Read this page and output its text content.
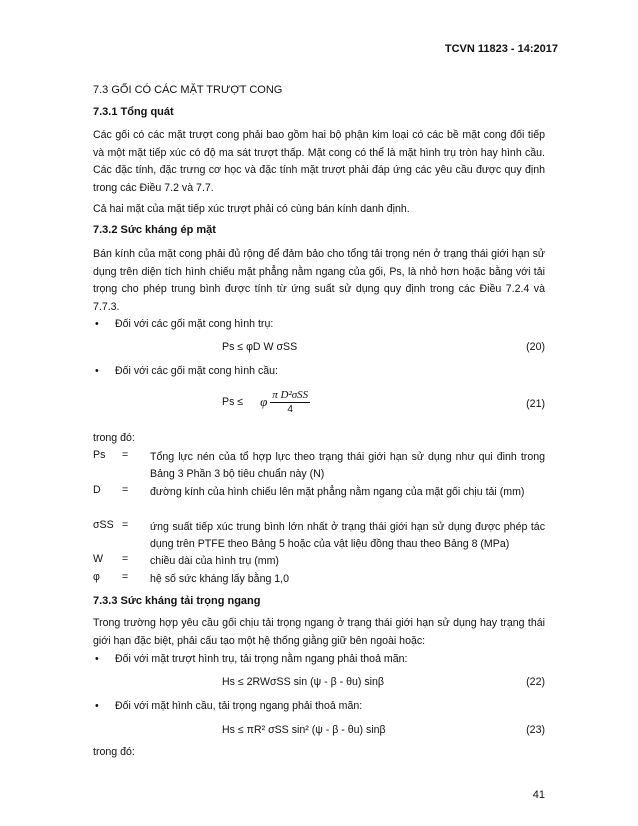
TCVN 11823 - 14:2017
7.3 GỐI CÓ CÁC MẶT TRƯỢT CONG
7.3.1 Tổng quát
Các gối có các mặt trượt cong phải bao gồm hai bộ phận kim loại có các bề mặt cong đối tiếp và một mặt tiếp xúc có độ ma sát trượt thấp. Mặt cong có thể là mặt hình trụ tròn hay hình cầu. Các đặc tính, đặc trưng cơ học và đặc tính mặt trượt phải đáp ứng các yêu cầu được quy định trong các Điều 7.2 và 7.7.
Cả hai mặt của mặt tiếp xúc trượt phải có cùng bán kính danh định.
7.3.2 Sức kháng ép mặt
Bán kính của mặt cong phải đủ rộng để đảm bảo cho tổng tải trọng nén ở trạng thái giới hạn sử dụng trên diện tích hình chiếu mặt phẳng nằm ngang của gối, Ps, là nhỏ hơn hoặc bằng với tải trọng cho phép trung bình được tính từ ứng suất sử dụng quy định trong các Điều 7.2.4 và 7.7.3.
• Đối với các gối mặt cong hình trụ:
Ps ≤ φD W σSS	(20)
• Đối với các gối mặt cong hình cầu:
Ps ≤ φ $\frac{\text{π D²σSS}}{4}$	(21)
trong đó:
Ps = Tổng lực nén của tổ hợp lực theo trạng thái giới hạn sử dụng như qui đinh trong Bảng 3 Phần 3 bộ tiêu chuẩn này (N)
D = đường kính của hình chiếu lên mặt phẳng nằm ngang của mặt gối chịu tải (mm)
σSS = ứng suất tiếp xúc trung bình lớn nhất ở trạng thái giới hạn sử dụng được phép tác dụng trên PTFE theo Bảng 5 hoặc của vật liệu đồng thau theo Bảng 8 (MPa)
W = chiều dài của hình trụ (mm)
φ = hệ số sức kháng lấy bằng 1,0
7.3.3 Sức kháng tải trọng ngang
Trong trường hợp yêu cầu gối chịu tải trọng ngang ở trạng thái giới hạn sử dụng hay trạng thái giới hạn đặc biệt, phải cấu tạo một hệ thống giằng giữ bên ngoài hoặc:
• Đối với mặt trượt hình trụ, tải trọng nằm ngang phải thoả mãn:
Hs ≤ 2RWσSS sin (ψ - β - θu) sinβ	(22)
• Đối với mặt hình cầu, tải trọng ngang phải thoả mãn:
Hs ≤ πR² σSS sin² (ψ - β - θu) sinβ	(23)
trong đó:
41
